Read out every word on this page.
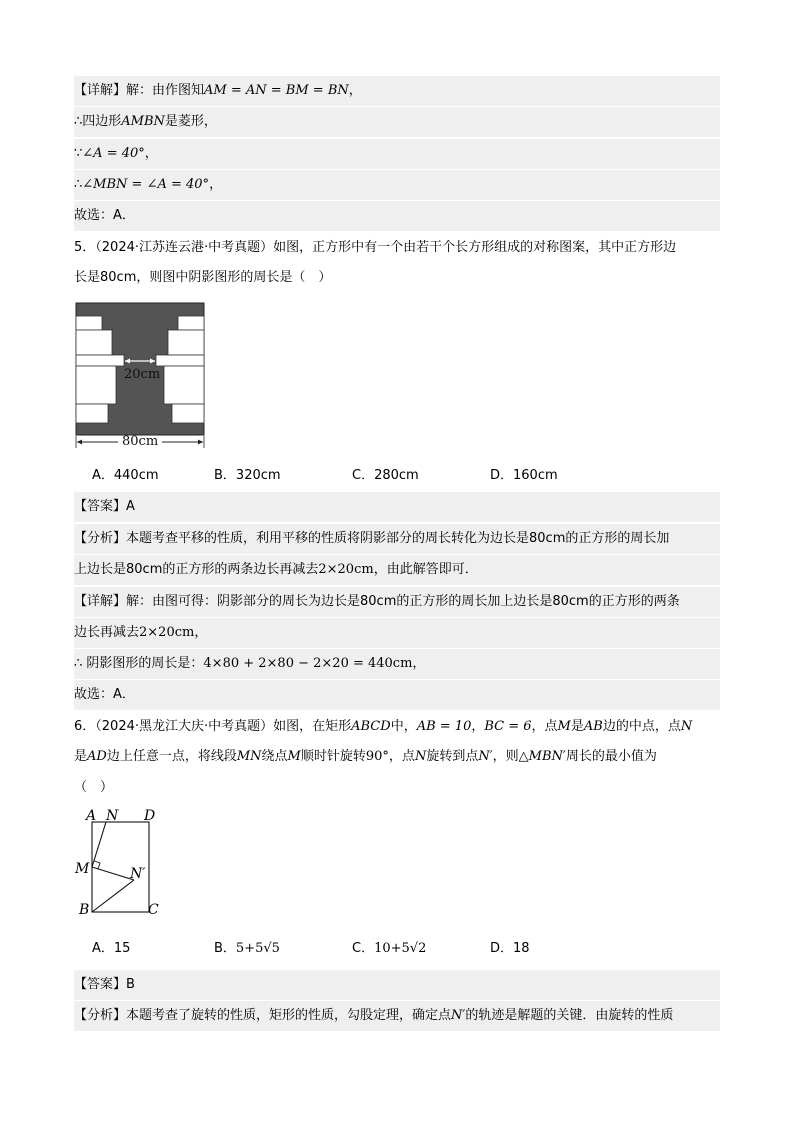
【详解】解：由作图知AM = AN = BM = BN，
∴四边形AMBN是菱形，
∵∠A = 40°，
∴∠MBN = ∠A = 40°，
故选：A．
5．（2024·江苏连云港·中考真题）如图，正方形中有一个由若干个长方形组成的对称图案，其中正方形边
长是80cm，则图中阴影图形的周长是（　）
20cm
80cm
A．440cm	B．320cm	C．280cm	D．160cm
【答案】A
【分析】本题考查平移的性质，利用平移的性质将阴影部分的周长转化为边长是80cm的正方形的周长加
上边长是80cm的正方形的两条边长再减去2×20cm，由此解答即可．
【详解】解：由图可得：阴影部分的周长为边长是80cm的正方形的周长加上边长是80cm的正方形的两条
边长再减去2×20cm，
∴ 阴影图形的周长是：4×80 + 2×80 − 2×20 = 440cm，
故选：A．
6．（2024·黑龙江大庆·中考真题）如图，在矩形ABCD中，AB = 10，BC = 6，点M是AB边的中点，点N
是AD边上任意一点，将线段MN绕点M顺时针旋转90°，点N旋转到点N′，则△MBN′周长的最小值为
（　）
A N D
M	N′
B	C
A．15	B．5+5√5	C．10+5√2	D．18
【答案】B
【分析】本题考查了旋转的性质，矩形的性质，勾股定理，确定点N′的轨迹是解题的关键．由旋转的性质
